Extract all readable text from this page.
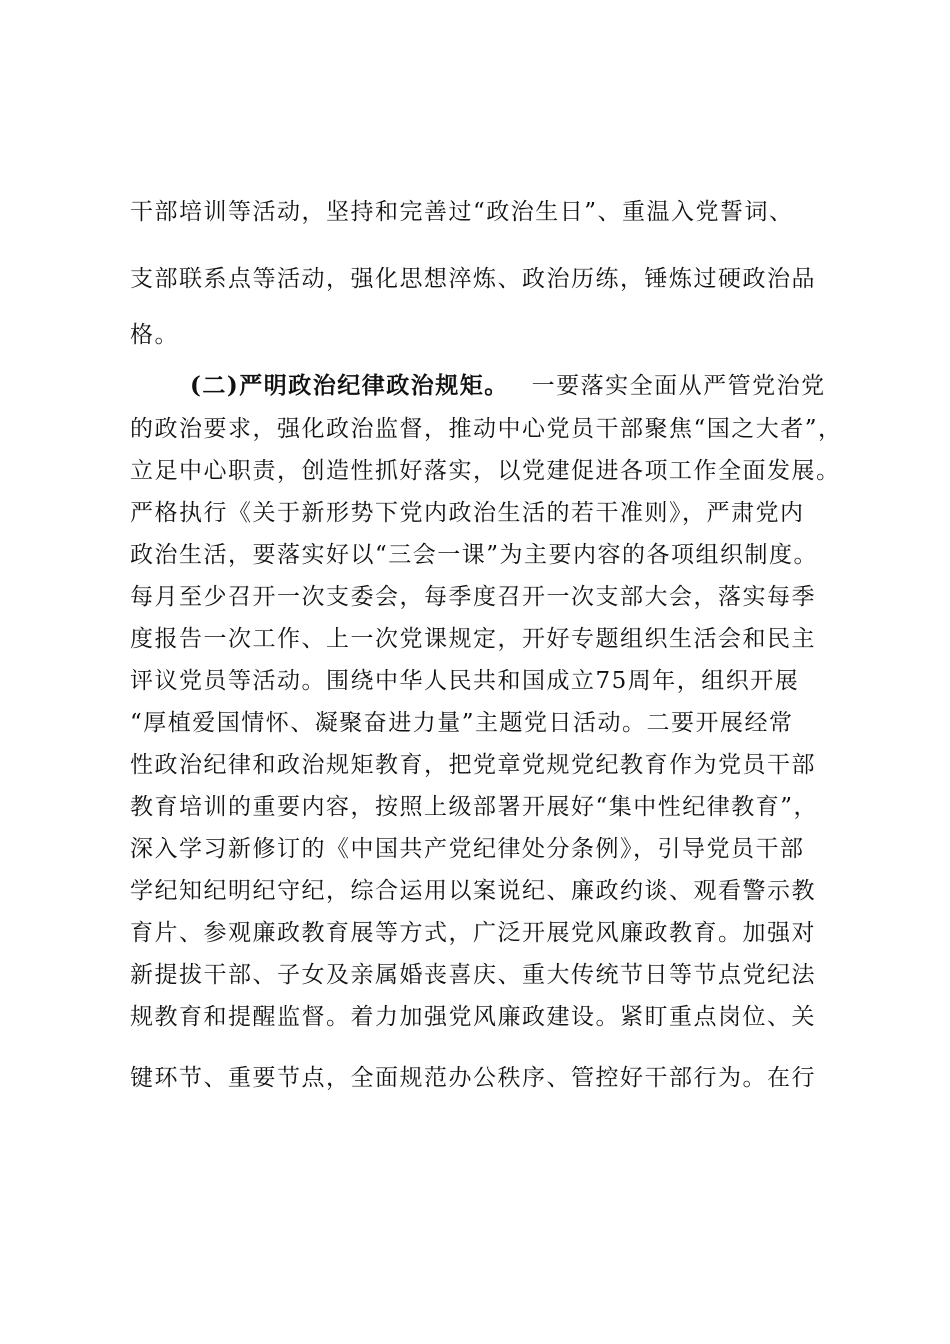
干部培训等活动，坚持和完善过“政治生日”、重温入党誓词、
支部联系点等活动，强化思想淬炼、政治历练，锤炼过硬政治品
格。
(二)严明政治纪律政治规矩。 一要落实全面从严管党治党
的政治要求，强化政治监督，推动中心党员干部聚焦“国之大者”，
立足中心职责，创造性抓好落实，以党建促进各项工作全面发展。
严格执行《关于新形势下党内政治生活的若干准则》，严肃党内
政治生活，要落实好以“三会一课”为主要内容的各项组织制度。
每月至少召开一次支委会，每季度召开一次支部大会，落实每季
度报告一次工作、上一次党课规定，开好专题组织生活会和民主
评议党员等活动。围绕中华人民共和国成立75周年，组织开展
“厚植爱国情怀、凝聚奋进力量”主题党日活动。二要开展经常
性政治纪律和政治规矩教育，把党章党规党纪教育作为党员干部
教育培训的重要内容，按照上级部署开展好“集中性纪律教育”，
深入学习新修订的《中国共产党纪律处分条例》，引导党员干部
学纪知纪明纪守纪，综合运用以案说纪、廉政约谈、观看警示教
育片、参观廉政教育展等方式，广泛开展党风廉政教育。加强对
新提拔干部、子女及亲属婚丧喜庆、重大传统节日等节点党纪法
规教育和提醒监督。着力加强党风廉政建设。紧盯重点岗位、关
键环节、重要节点，全面规范办公秩序、管控好干部行为。在行
